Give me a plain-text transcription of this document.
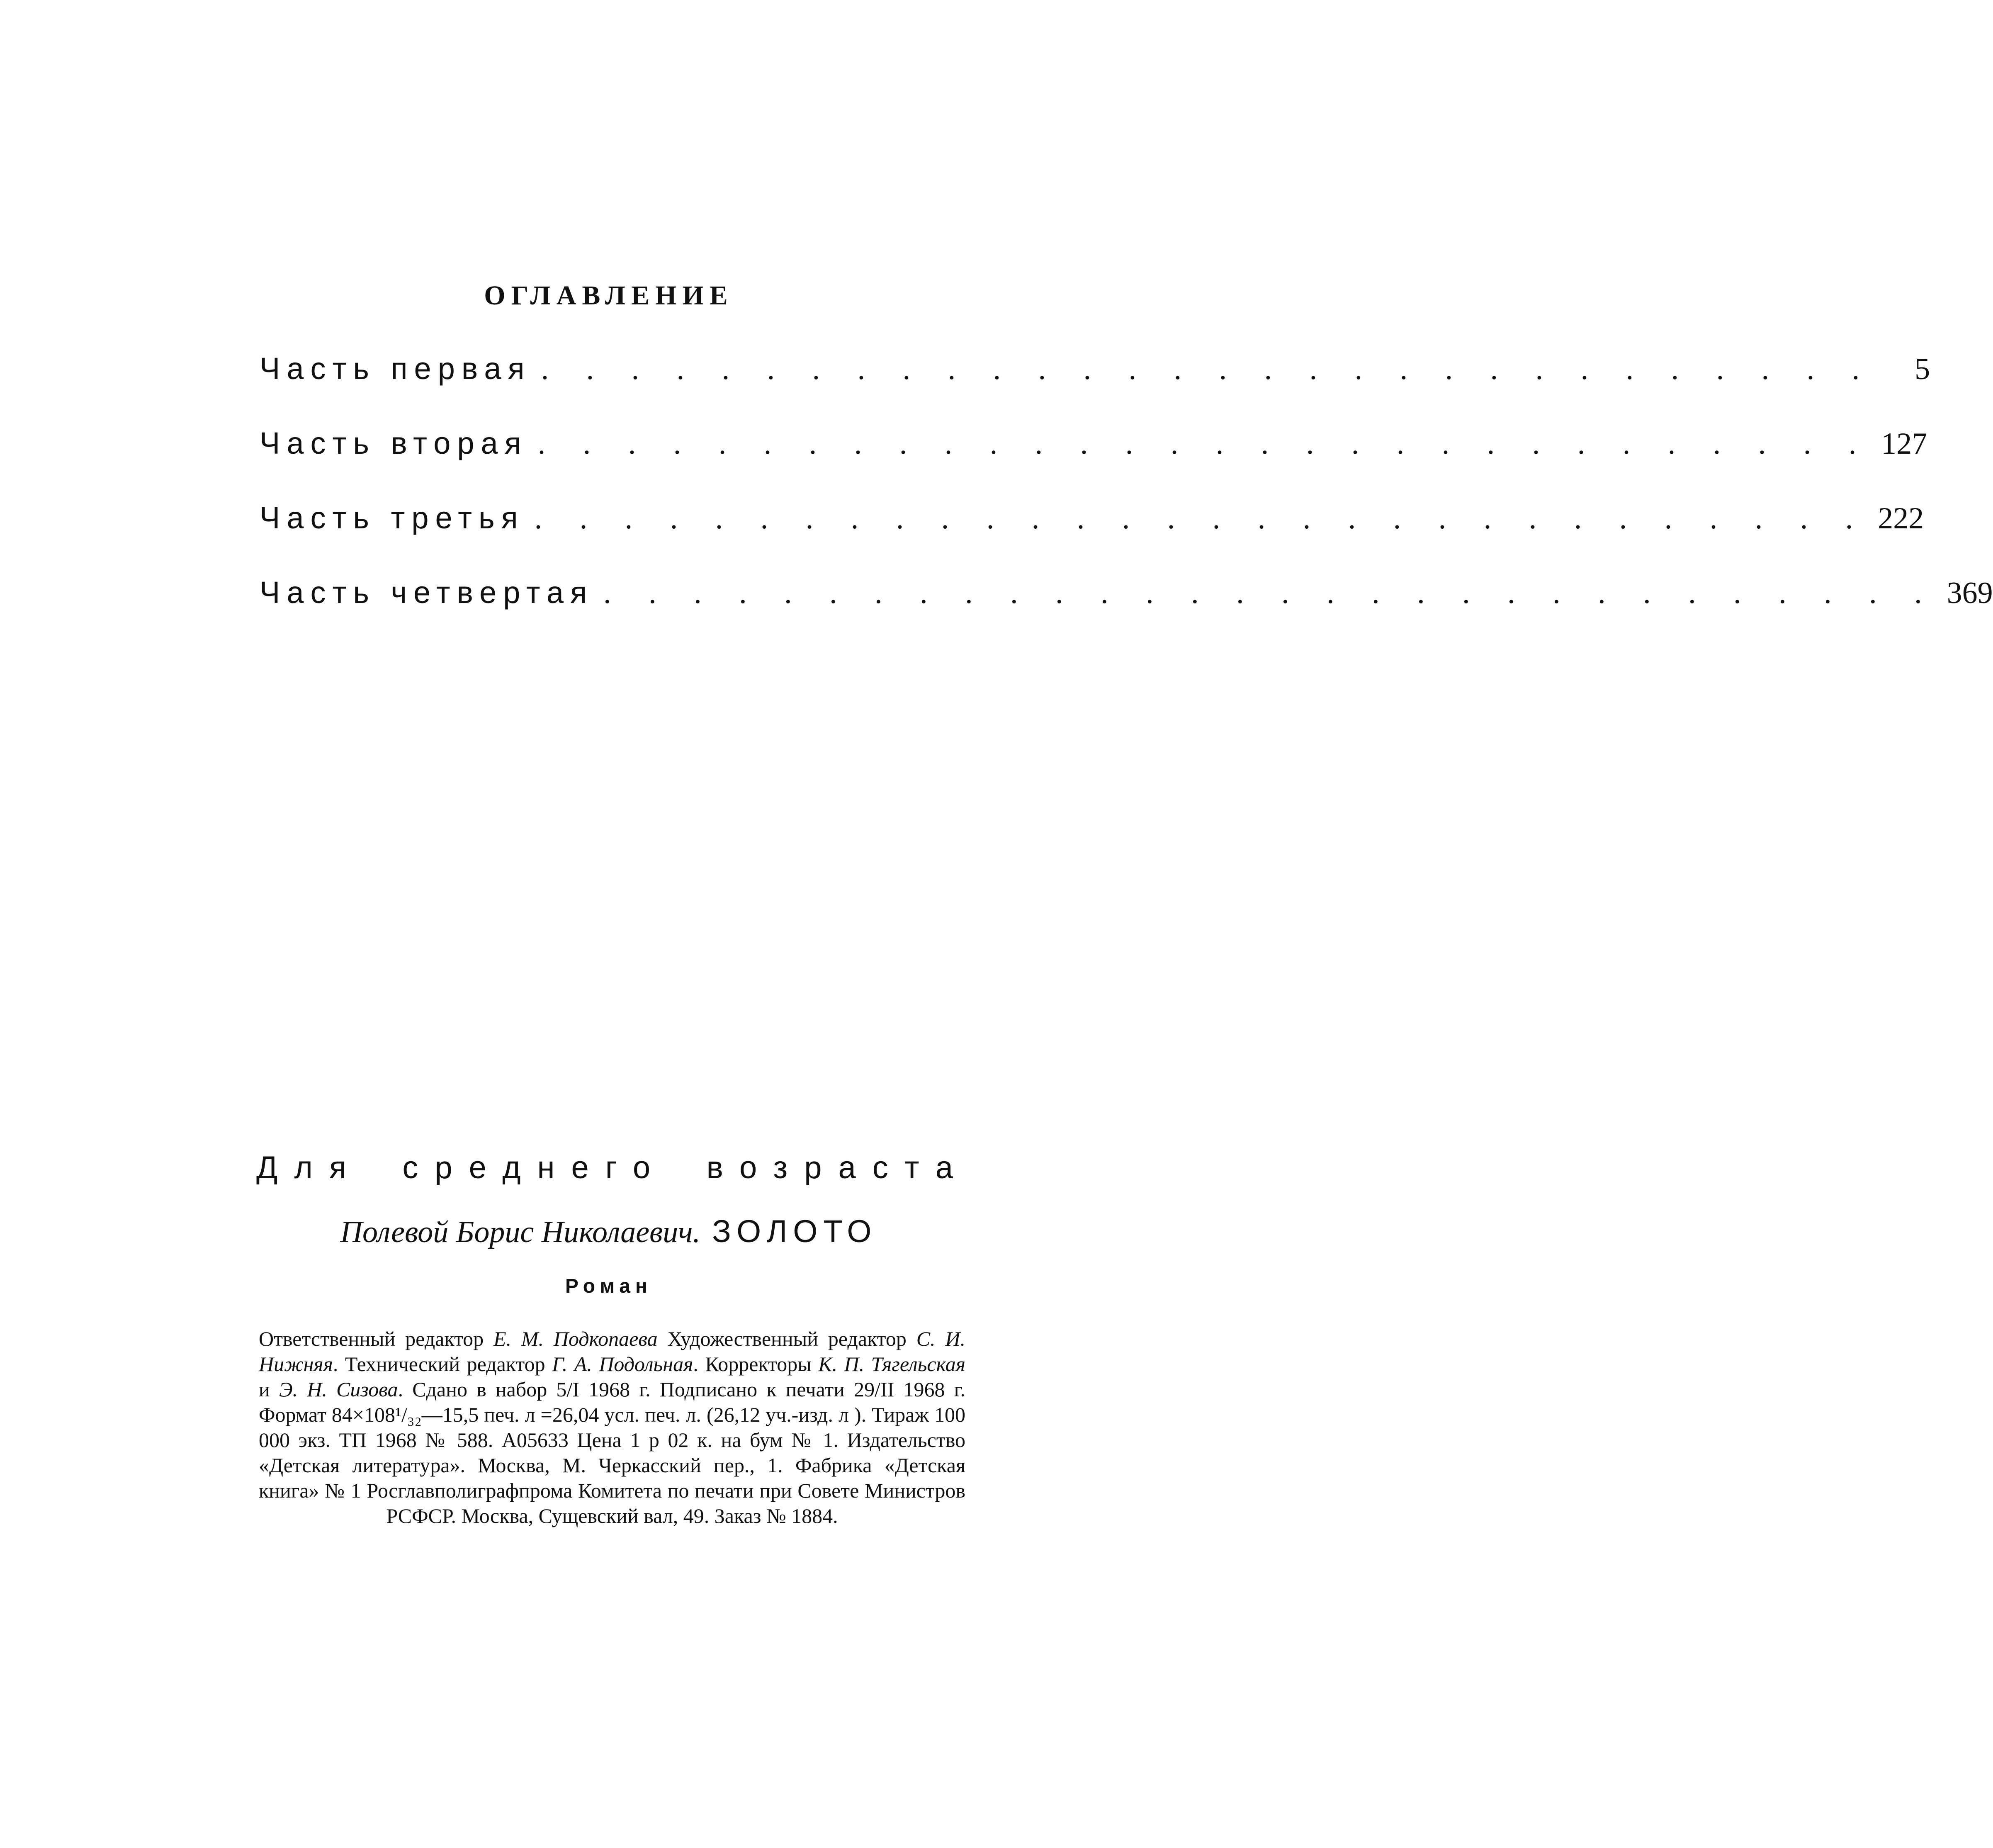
ОГЛАВЛЕНИЕ
Часть первая . . . . . . . . . . . . . . . . . . . . . . . . . . . . . .	5
Часть вторая . . . . . . . . . . . . . . . . . . . . . . . . . . . . . . 127
Часть третья . . . . . . . . . . . . . . . . . . . . . . . . . . . . . . 222
Часть четвертая . . . . . . . . . . . . . . . . . . . . . . . . . . . . . . 369
Для среднего возраста
Полевой Борис Николаевич. ЗОЛОТО
Роман
Ответственный редактор Е. М. Подкопаева Художественный редактор С. И. Нижняя. Технический редактор Г. А. Подольная. Корректоры К. П. Тягельская и Э. Н. Сизова. Сдано в набор 5/I 1968 г. Подписано к печати 29/II 1968 г. Формат 84×108¹/₃₂—15,5 печ. л =26,04 усл. печ. л. (26,12 уч.-изд. л ). Тираж 100 000 экз. ТП 1968 № 588. А05633 Цена 1 р 02 к. на бум № 1. Издательство «Детская литература». Москва, М. Черкасский пер., 1. Фабрика «Детская книга» № 1 Росглавполиграфпрома Комитета по печати при Совете Министров РСФСР. Москва, Сущевский вал, 49. Заказ № 1884.
